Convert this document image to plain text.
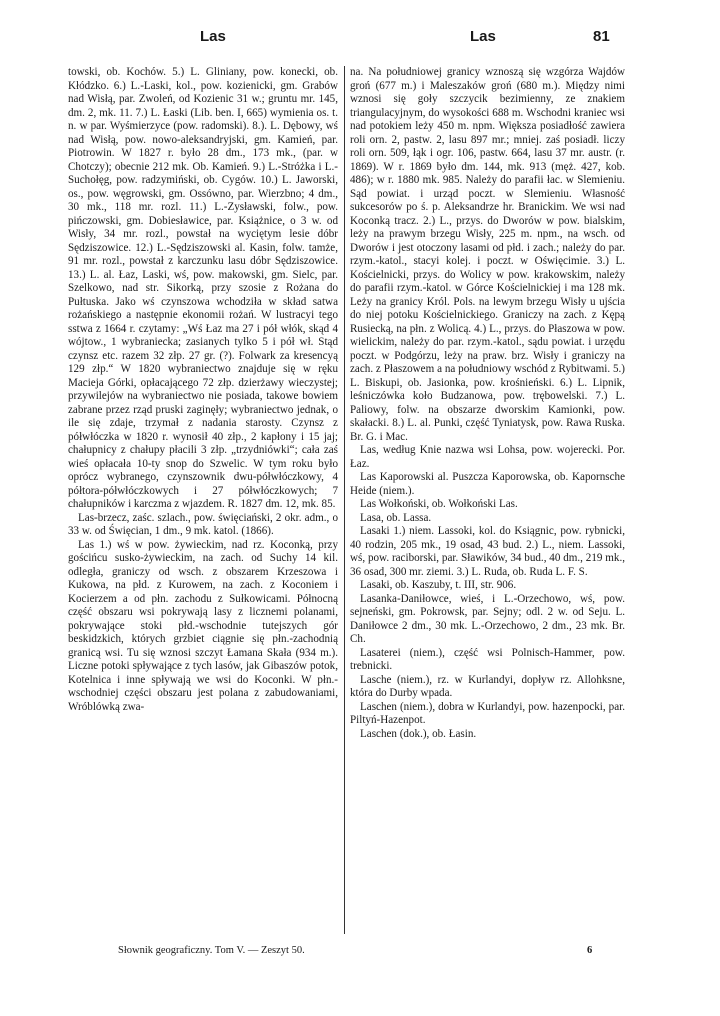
Las	Las	81

towski, ob. Kochów. 5.) L. Gliniany, pow. konecki, ob. Kłódzko. 6.) L.-Laski, kol., pow. kozienicki, gm. Grabów nad Wisłą, par. Zwoleń, od Kozienic 31 w.; gruntu mr. 145, dm. 2, mk. 11. 7.) L. Łaski (Lib. ben. I, 665) wymienia os. t. n. w par. Wyśmierzyce (pow. radomski). 8.). L. Dębowy, wś nad Wisłą, pow. nowo-aleksandryjski, gm. Kamień, par. Piotrowin. W 1827 r. było 28 dm., 173 mk., (par. w Chotczy); obecnie 212 mk. Ob. Kamień. 9.) L.-Stróżka i L.-Suchołęg, pow. radzymiński, ob. Cygów. 10.) L. Jaworski, os., pow. węgrowski, gm. Ossówno, par. Wierzbno; 4 dm., 30 mk., 118 mr. rozl. 11.) L.-Zysławski, folw., pow. pińczowski, gm. Dobiesławice, par. Książnice, o 3 w. od Wisły, 34 mr. rozl., powstał na wyciętym lesie dóbr Sędziszowice. 12.) L.-Sędziszowski al. Kasin, folw. tamże, 91 mr. rozl., powstał z karczunku lasu dóbr Sędziszowice. 13.) L. al. Łaz, Laski, wś, pow. makowski, gm. Sielc, par. Szelkowo, nad str. Sikorką, przy szosie z Rożana do Pułtuska. Jako wś czynszowa wchodziła w skład satwa rożańskiego a następnie ekonomii rożań. W lustracyi tego sstwa z 1664 r. czytamy: „Wś Łaz ma 27 i pół włók, skąd 4 wójtow., 1 wybraniecka; zasianych tylko 5 i pół wł. Stąd czynsz etc. razem 32 złp. 27 gr. (?). Folwark za kresencyą 129 złp.“ W 1820 wybraniectwo znajduje się w ręku Macieja Górki, opłacającego 72 złp. dzierżawy wieczystej; przywilejów na wybraniectwo nie posiada, takowe bowiem zabrane przez rząd pruski zaginęły; wybraniectwo jednak, o ile się zdaje, trzymał z nadania starosty. Czynsz z półwłóczka w 1820 r. wynosił 40 złp., 2 kapłony i 15 jaj; chałupnicy z chałupy płacili 3 złp. „trzydniówki“; cała zaś wieś opłacała 10-ty snop do Szwelic. W tym roku było oprócz wybranego, czynszownik dwu-półwłóczkowy, 4 półtora-półwłóczkowych i 27 półwłóczkowych; 7 chałupników i karczma z wjazdem. R. 1827 dm. 12, mk. 85.

Las-brzecz, zaśc. szlach., pow. święciański, 2 okr. adm., o 33 w. od Święcian, 1 dm., 9 mk. katol. (1866).

Las 1.) wś w pow. żywieckim, nad rz. Koconką, przy gościńcu susko-żywieckim, na zach. od Suchy 14 kil. odległa, graniczy od wsch. z obszarem Krzeszowa i Kukowa, na płd. z Kurowem, na zach. z Koconiem i Kocierzem a od płn. zachodu z Sułkowicami. Północną część obszaru wsi pokrywają lasy z licznemi polanami, pokrywające stoki płd.-wschodnie tutejszych gór beskidzkich, których grzbiet ciągnie się płn.-zachodnią granicą wsi. Tu się wznosi szczyt Łamana Skała (934 m.). Liczne potoki spływające z tych lasów, jak Gibaszów potok, Kotelnica i inne spływają we wsi do Koconki. W płn.-wschodniej części obszaru jest polana z zabudowaniami, Wróblówką zwa-

na. Na południowej granicy wznoszą się wzgórza Wajdów groń (677 m.) i Maleszaków groń (680 m.). Między nimi wznosi się goły szczycik bezimienny, ze znakiem triangulacyjnym, do wysokości 688 m. Wschodni kraniec wsi nad potokiem leży 450 m. npm. Większa posiadłość zawiera roli orn. 2, pastw. 2, lasu 897 mr.; mniej. zaś posiadł. liczy roli orn. 509, łąk i ogr. 106, pastw. 664, lasu 37 mr. austr. (r. 1869). W r. 1869 było dm. 144, mk. 913 (męż. 427, kob. 486); w r. 1880 mk. 985. Należy do parafii łac. w Slemieniu. Sąd powiat. i urząd poczt. w Slemieniu. Własność sukcesorów po ś. p. Aleksandrze hr. Branickim. We wsi nad Koconką tracz. 2.) L., przys. do Dworów w pow. bialskim, leży na prawym brzegu Wisły, 225 m. npm., na wsch. od Dworów i jest otoczony lasami od płd. i zach.; należy do par. rzym.-katol., stacyi kolej. i poczt. w Oświęcimie. 3.) L. Kościelnicki, przys. do Wolicy w pow. krakowskim, należy do parafii rzym.-katol. w Górce Kościelnickiej i ma 128 mk. Leży na granicy Król. Pols. na lewym brzegu Wisły u ujścia do niej potoku Kościelnickiego. Graniczy na zach. z Kępą Rusiecką, na płn. z Wolicą. 4.) L., przys. do Płaszowa w pow. wielickim, należy do par. rzym.-katol., sądu powiat. i urzędu poczt. w Podgórzu, leży na praw. brz. Wisły i graniczy na zach. z Płaszowem a na południowy wschód z Rybitwami. 5.) L. Biskupi, ob. Jasionka, pow. krośnieński. 6.) L. Lipnik, leśniczówka koło Budzanowa, pow. trębowelski. 7.) L. Paliowy, folw. na obszarze dworskim Kamionki, pow. skałacki. 8.) L. al. Punki, część Tyniatysk, pow. Rawa Ruska. Br. G. i Mac.

Las, według Knie nazwa wsi Lohsa, pow. wojerecki. Por. Łaz.

Las Kaporowski al. Puszcza Kaporowska, ob. Kapornsche Heide (niem.).

Las Wołkoński, ob. Wołkoński Las.

Lasa, ob. Lassa.

Lasaki 1.) niem. Lassoki, kol. do Ksiągnic, pow. rybnicki, 40 rodzin, 205 mk., 19 osad, 43 bud. 2.) L., niem. Lassoki, wś, pow. raciborski, par. Sławików, 34 bud., 40 dm., 219 mk., 36 osad, 300 mr. ziemi. 3.) L. Ruda, ob. Ruda L. F. S.

Lasaki, ob. Kaszuby, t. III, str. 906.

Lasanka-Daniłowce, wieś, i L.-Orzechowo, wś, pow. sejneński, gm. Pokrowsk, par. Sejny; odl. 2 w. od Seju. L. Daniłowce 2 dm., 30 mk. L.-Orzechowo, 2 dm., 23 mk. Br. Ch.

Lasaterei (niem.), część wsi Polnisch-Hammer, pow. trebnicki.

Lasche (niem.), rz. w Kurlandyi, dopływ rz. Allohksne, która do Durby wpada.

Laschen (niem.), dobra w Kurlandyi, pow. hazenpocki, par. Piltyń-Hazenpot.

Laschen (dok.), ob. Łasin.

Słownik geograficzny. Tom V. — Zeszyt 50.	6
